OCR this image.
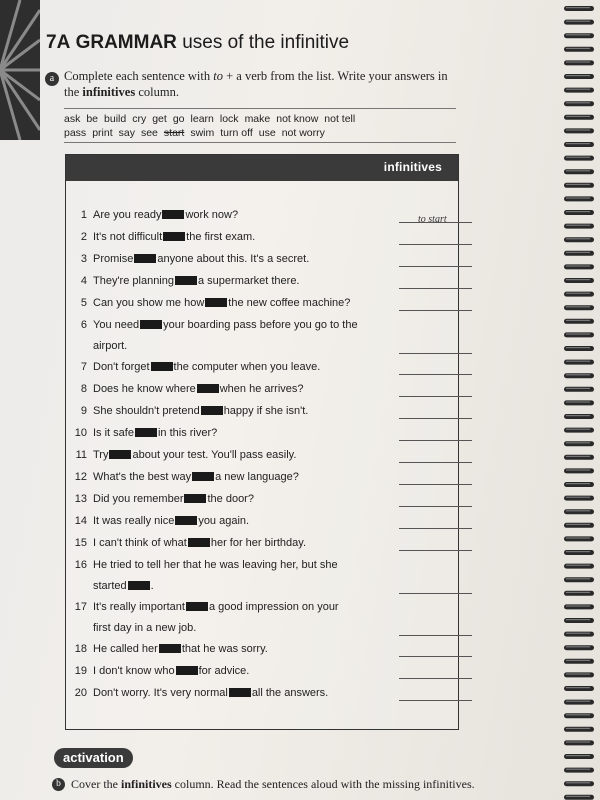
7A GRAMMAR uses of the infinitive
a Complete each sentence with to + a verb from the list. Write your answers in the infinitives column.
ask be build cry get go learn lock make not know not tell
pass print say see start swim turn off use not worry
infinitives
1 Are you ready work now?	to start
2 It's not difficult the first exam.
3 Promise anyone about this. It's a secret.
4 They're planning a supermarket there.
5 Can you show me how the new coffee machine?
6 You need your boarding pass before you go to the airport.
7 Don't forget the computer when you leave.
8 Does he know where when he arrives?
9 She shouldn't pretend happy if she isn't.
10 Is it safe in this river?
11 Try about your test. You'll pass easily.
12 What's the best way a new language?
13 Did you remember the door?
14 It was really nice you again.
15 I can't think of what her for her birthday.
16 He tried to tell her that he was leaving her, but she started .
17 It's really important a good impression on your first day in a new job.
18 He called her that he was sorry.
19 I don't know who for advice.
20 Don't worry. It's very normal all the answers.
activation
b Cover the infinitives column. Read the sentences aloud with the missing infinitives.
